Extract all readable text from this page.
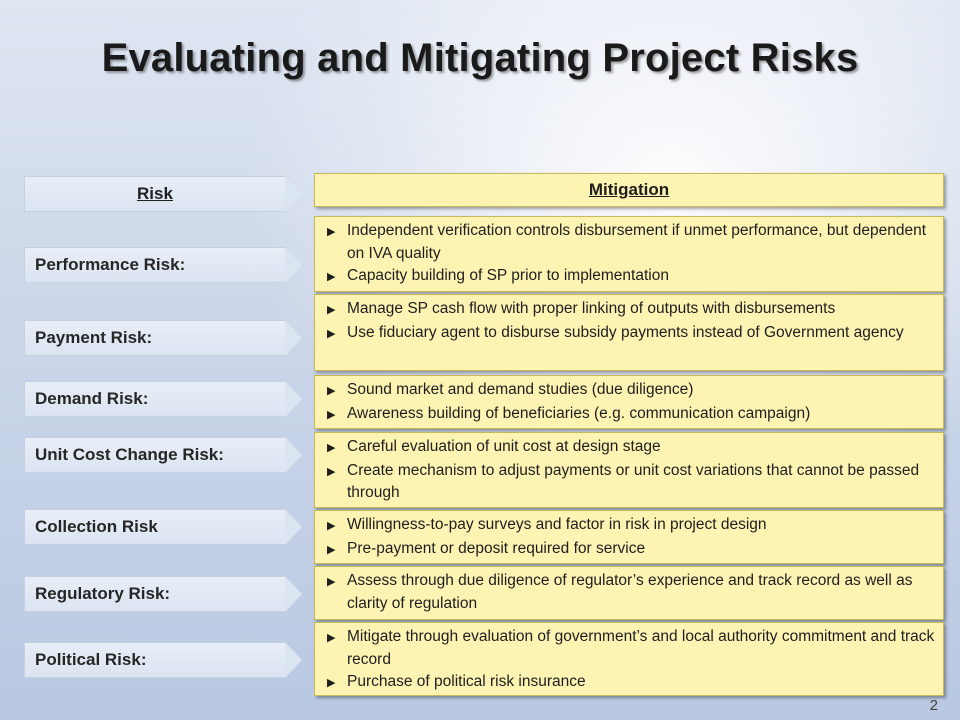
Evaluating and Mitigating Project Risks
Risk	Mitigation
Performance Risk:
▶ Independent verification controls disbursement if unmet performance, but dependent on IVA quality
▶ Capacity building of SP prior to implementation
Payment Risk:
▶ Manage SP cash flow with proper linking of outputs with disbursements
▶ Use fiduciary agent to disburse subsidy payments instead of Government agency
Demand Risk:	▶ Sound market and demand studies (due diligence)
▶ Awareness building of beneficiaries (e.g. communication campaign)
Unit Cost Change Risk:	▶ Careful evaluation of unit cost at design stage
▶ Create mechanism to adjust payments or unit cost variations that cannot be passed through
Collection Risk	▶ Willingness-to-pay surveys and factor in risk in project design
▶ Pre-payment or deposit required for service
Regulatory Risk:
▶ Assess through due diligence of regulator’s experience and track record as well as clarity of regulation
Political Risk:
▶ Mitigate through evaluation of government’s and local authority commitment and track record
▶ Purchase of political risk insurance
2
